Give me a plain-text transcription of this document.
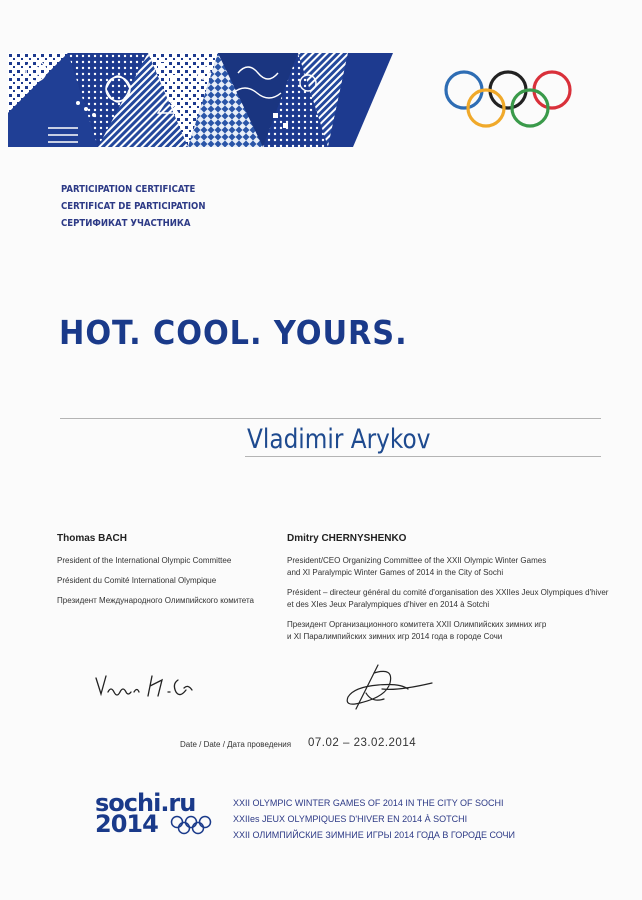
PARTICIPATION CERTIFICATE
CERTIFICAT DE PARTICIPATION
СЕРТИФИКАТ УЧАСТНИКА
HOT. COOL. YOURS.
Vladimir Arykov
Thomas BACH
President of the International Olympic Committee
Président du Comité International Olympique
Президент Международного Олимпийского комитета
Dmitry CHERNYSHENKO
President/CEO Organizing Committee of the XXII Olympic Winter Games
and XI Paralympic Winter Games of 2014 in the City of Sochi
Président – directeur général du comité d'organisation des XXIIes Jeux Olympiques d'hiver
et des XIes Jeux Paralympiques d'hiver en 2014 à Sotchi
Президент Организационного комитета XXII Олимпийских зимних игр
и XI Паралимпийских зимних игр 2014 года в городе Сочи
Date / Date / Дата проведения 07.02 – 23.02.2014
sochi.ru
2014
XXII OLYMPIC WINTER GAMES OF 2014 IN THE CITY OF SOCHI
XXIIes JEUX OLYMPIQUES D'HIVER EN 2014 À SOTCHI
XXII ОЛИМПИЙСКИЕ ЗИМНИЕ ИГРЫ 2014 ГОДА В ГОРОДЕ СОЧИ
